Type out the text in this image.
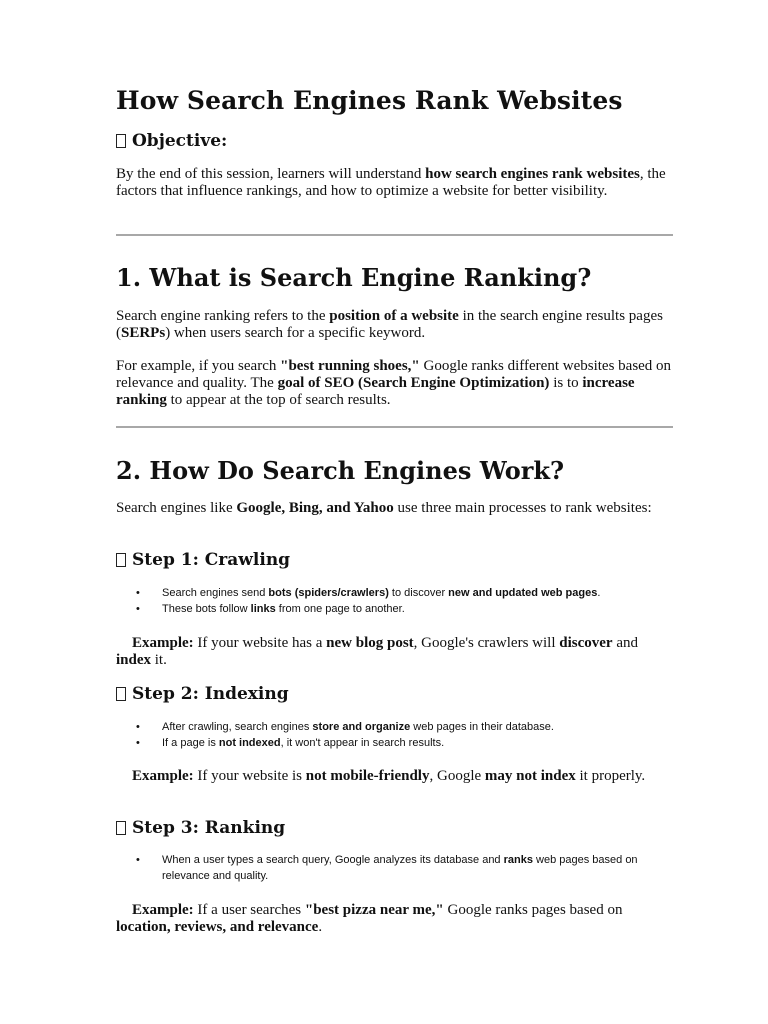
How Search Engines Rank Websites
Objective:

By the end of this session, learners will understand how search engines rank websites, the factors that influence rankings, and how to optimize a website for better visibility.

1. What is Search Engine Ranking?

Search engine ranking refers to the position of a website in the search engine results pages (SERPs) when users search for a specific keyword.

For example, if you search "best running shoes," Google ranks different websites based on relevance and quality. The goal of SEO (Search Engine Optimization) is to increase ranking to appear at the top of search results.

2. How Do Search Engines Work?

Search engines like Google, Bing, and Yahoo use three main processes to rank websites:

Step 1: Crawling
• Search engines send bots (spiders/crawlers) to discover new and updated web pages.
• These bots follow links from one page to another.

Example: If your website has a new blog post, Google's crawlers will discover and index it.

Step 2: Indexing
• After crawling, search engines store and organize web pages in their database.
• If a page is not indexed, it won't appear in search results.

Example: If your website is not mobile-friendly, Google may not index it properly.

Step 3: Ranking
• When a user types a search query, Google analyzes its database and ranks web pages based on relevance and quality.

Example: If a user searches "best pizza near me," Google ranks pages based on location, reviews, and relevance.
